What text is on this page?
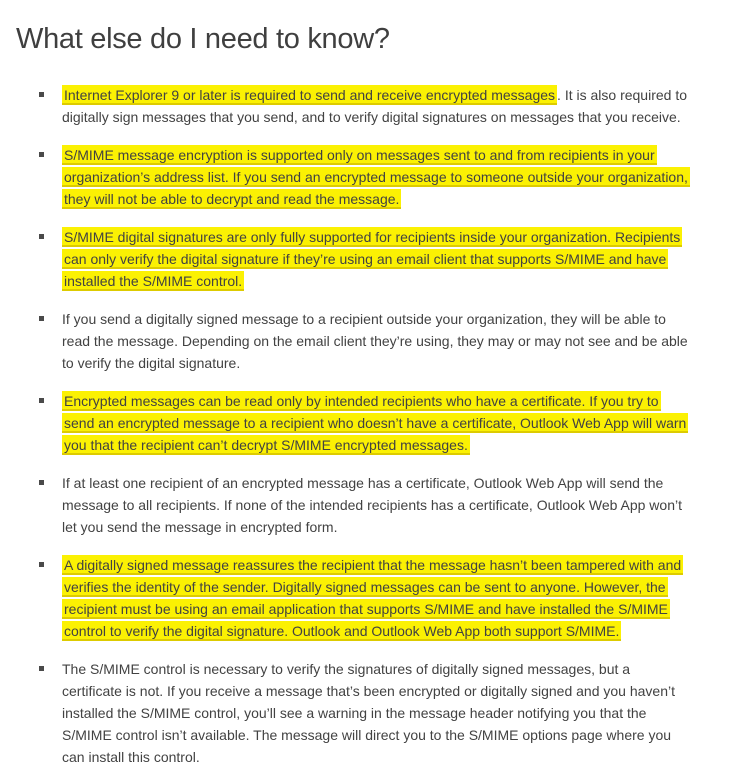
What else do I need to know?
Internet Explorer 9 or later is required to send and receive encrypted messages . It is also required to digitally sign messages that you send, and to verify digital signatures on messages that you receive.
S/MIME message encryption is supported only on messages sent to and from recipients in your organization’s address list. If you send an encrypted message to someone outside your organization, they will not be able to decrypt and read the message.
S/MIME digital signatures are only fully supported for recipients inside your organization. Recipients can only verify the digital signature if they’re using an email client that supports S/MIME and have installed the S/MIME control.
If you send a digitally signed message to a recipient outside your organization, they will be able to read the message. Depending on the email client they’re using, they may or may not see and be able to verify the digital signature.
Encrypted messages can be read only by intended recipients who have a certificate. If you try to send an encrypted message to a recipient who doesn’t have a certificate, Outlook Web App will warn you that the recipient can’t decrypt S/MIME encrypted messages.
If at least one recipient of an encrypted message has a certificate, Outlook Web App will send the message to all recipients. If none of the intended recipients has a certificate, Outlook Web App won’t let you send the message in encrypted form.
A digitally signed message reassures the recipient that the message hasn’t been tampered with and verifies the identity of the sender. Digitally signed messages can be sent to anyone. However, the recipient must be using an email application that supports S/MIME and have installed the S/MIME control to verify the digital signature. Outlook and Outlook Web App both support S/MIME.
The S/MIME control is necessary to verify the signatures of digitally signed messages, but a certificate is not. If you receive a message that’s been encrypted or digitally signed and you haven’t installed the S/MIME control, you’ll see a warning in the message header notifying you that the S/MIME control isn’t available. The message will direct you to the S/MIME options page where you can install this control.
